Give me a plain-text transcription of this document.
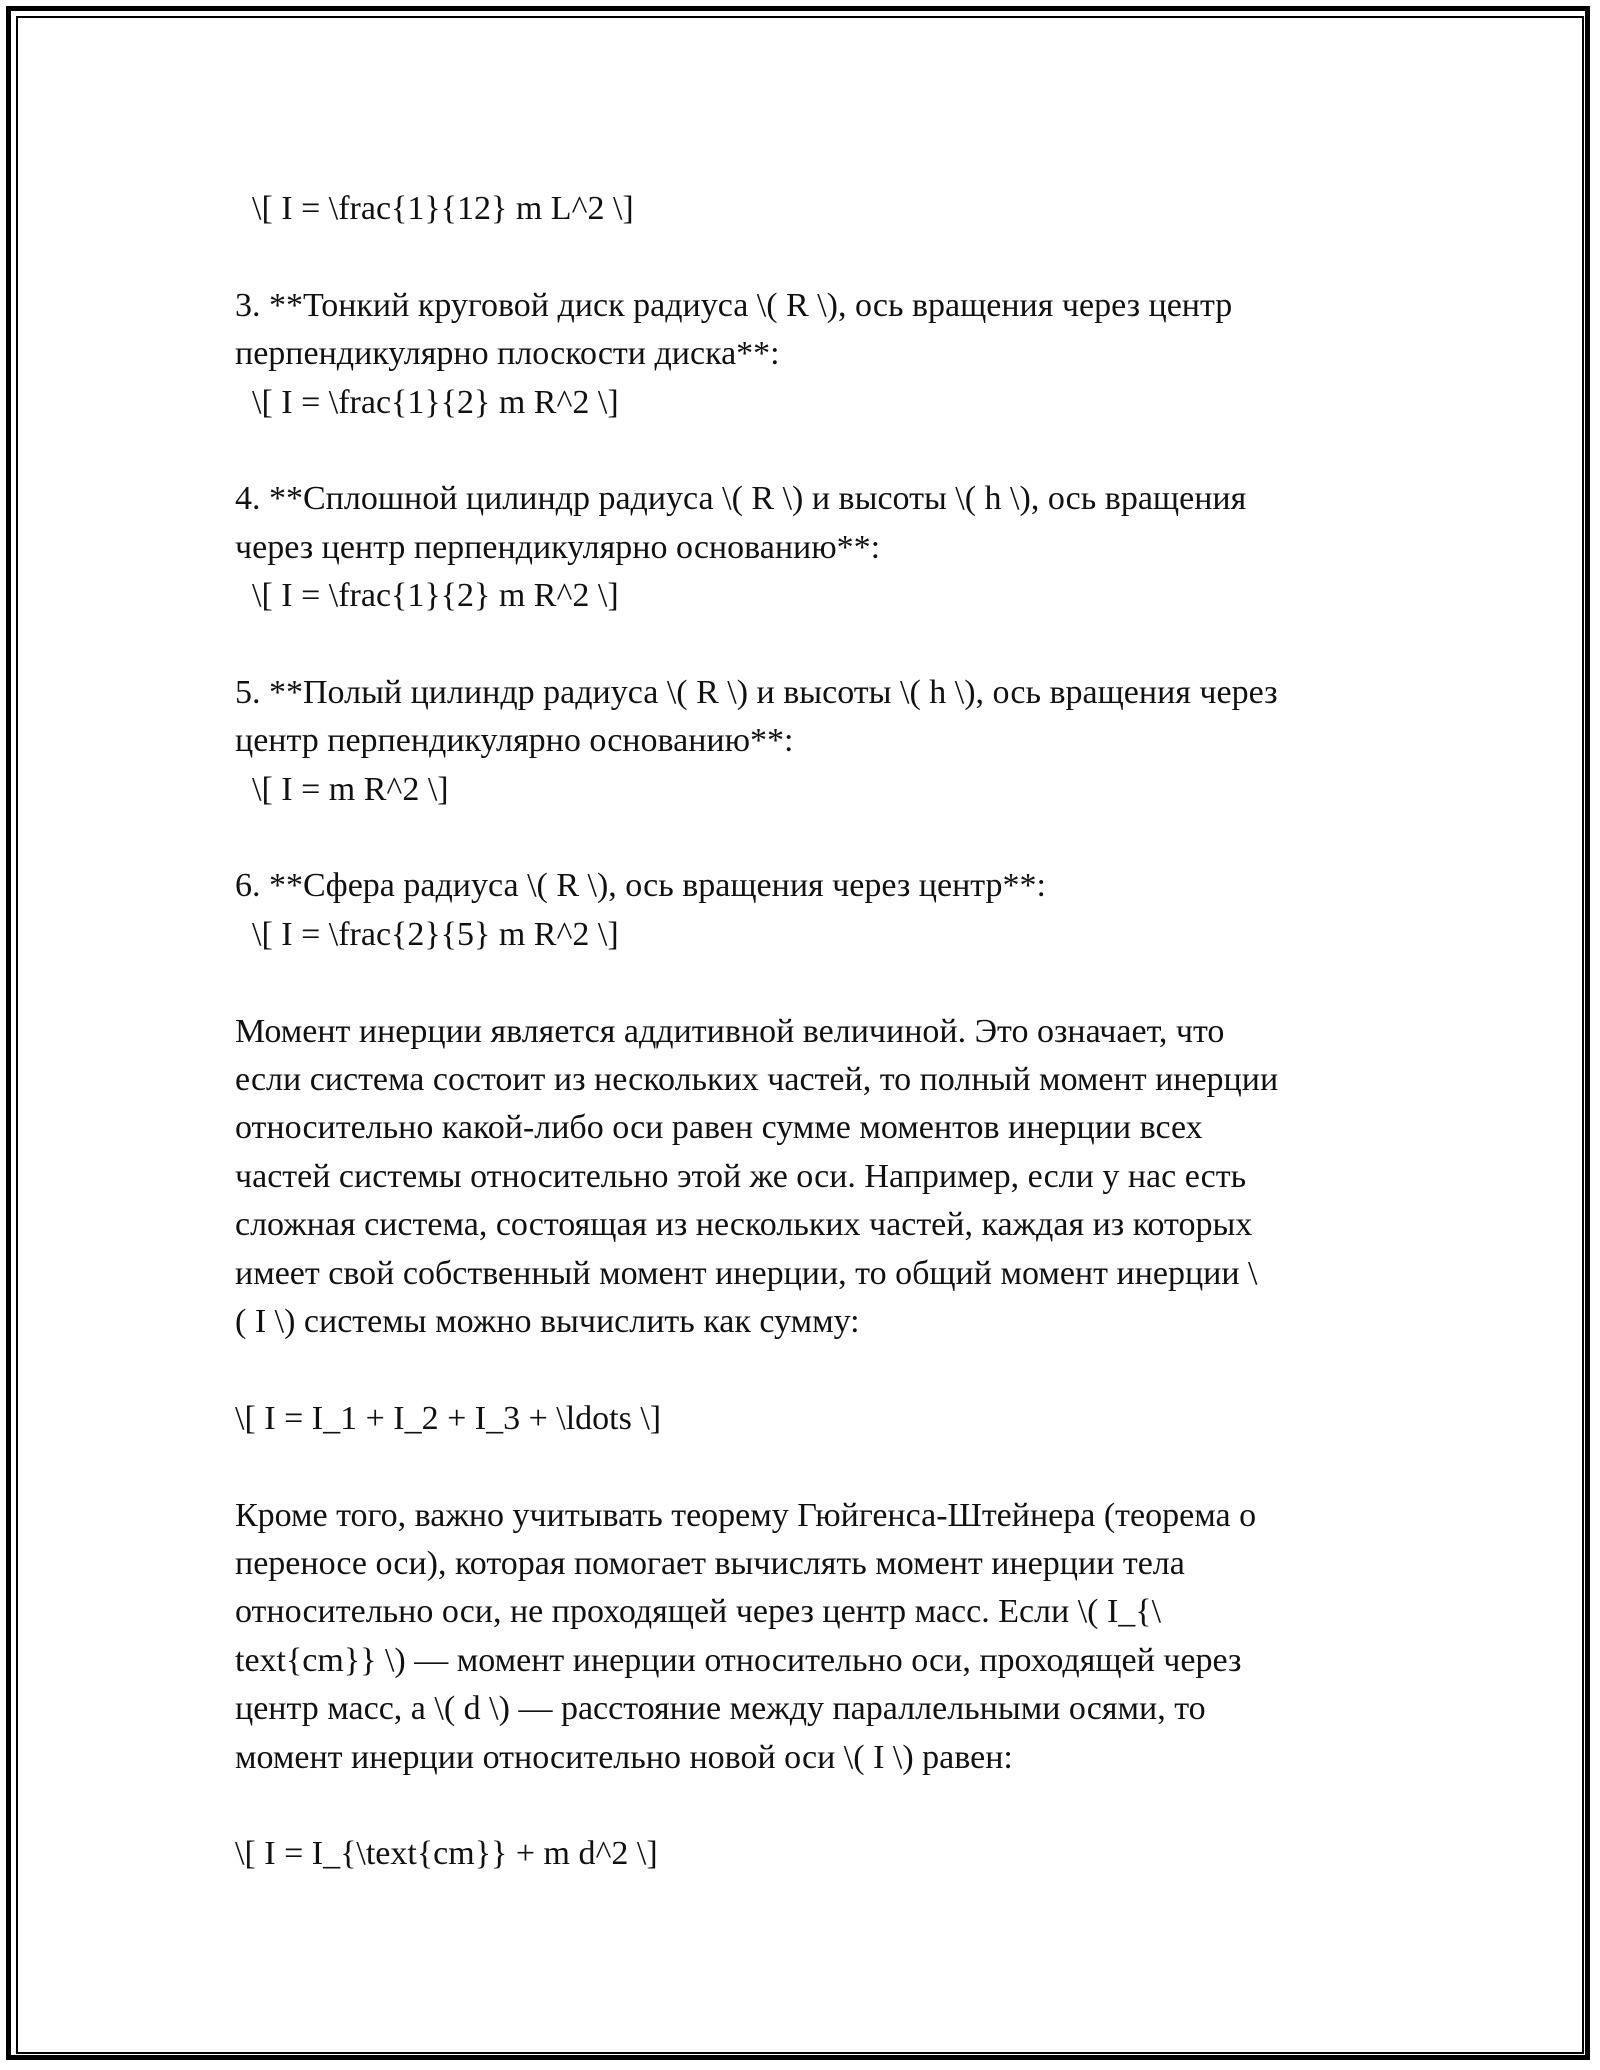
\[ I = \frac{1}{12} m L^2 \]
3. **Тонкий круговой диск радиуса \( R \), ось вращения через центр
перпендикулярно плоскости диска**:
\[ I = \frac{1}{2} m R^2 \]
4. **Сплошной цилиндр радиуса \( R \) и высоты \( h \), ось вращения
через центр перпендикулярно основанию**:
\[ I = \frac{1}{2} m R^2 \]
5. **Полый цилиндр радиуса \( R \) и высоты \( h \), ось вращения через
центр перпендикулярно основанию**:
\[ I = m R^2 \]
6. **Сфера радиуса \( R \), ось вращения через центр**:
\[ I = \frac{2}{5} m R^2 \]
Момент инерции является аддитивной величиной. Это означает, что
если система состоит из нескольких частей, то полный момент инерции
относительно какой-либо оси равен сумме моментов инерции всех
частей системы относительно этой же оси. Например, если у нас есть
сложная система, состоящая из нескольких частей, каждая из которых
имеет свой собственный момент инерции, то общий момент инерции \
( I \) системы можно вычислить как сумму:
\[ I = I_1 + I_2 + I_3 + \ldots \]
Кроме того, важно учитывать теорему Гюйгенса-Штейнера (теорема о
переносе оси), которая помогает вычислять момент инерции тела
относительно оси, не проходящей через центр масс. Если \( I_{\
text{cm}} \) — момент инерции относительно оси, проходящей через
центр масс, а \( d \) — расстояние между параллельными осями, то
момент инерции относительно новой оси \( I \) равен:
\[ I = I_{\text{cm}} + m d^2 \]
